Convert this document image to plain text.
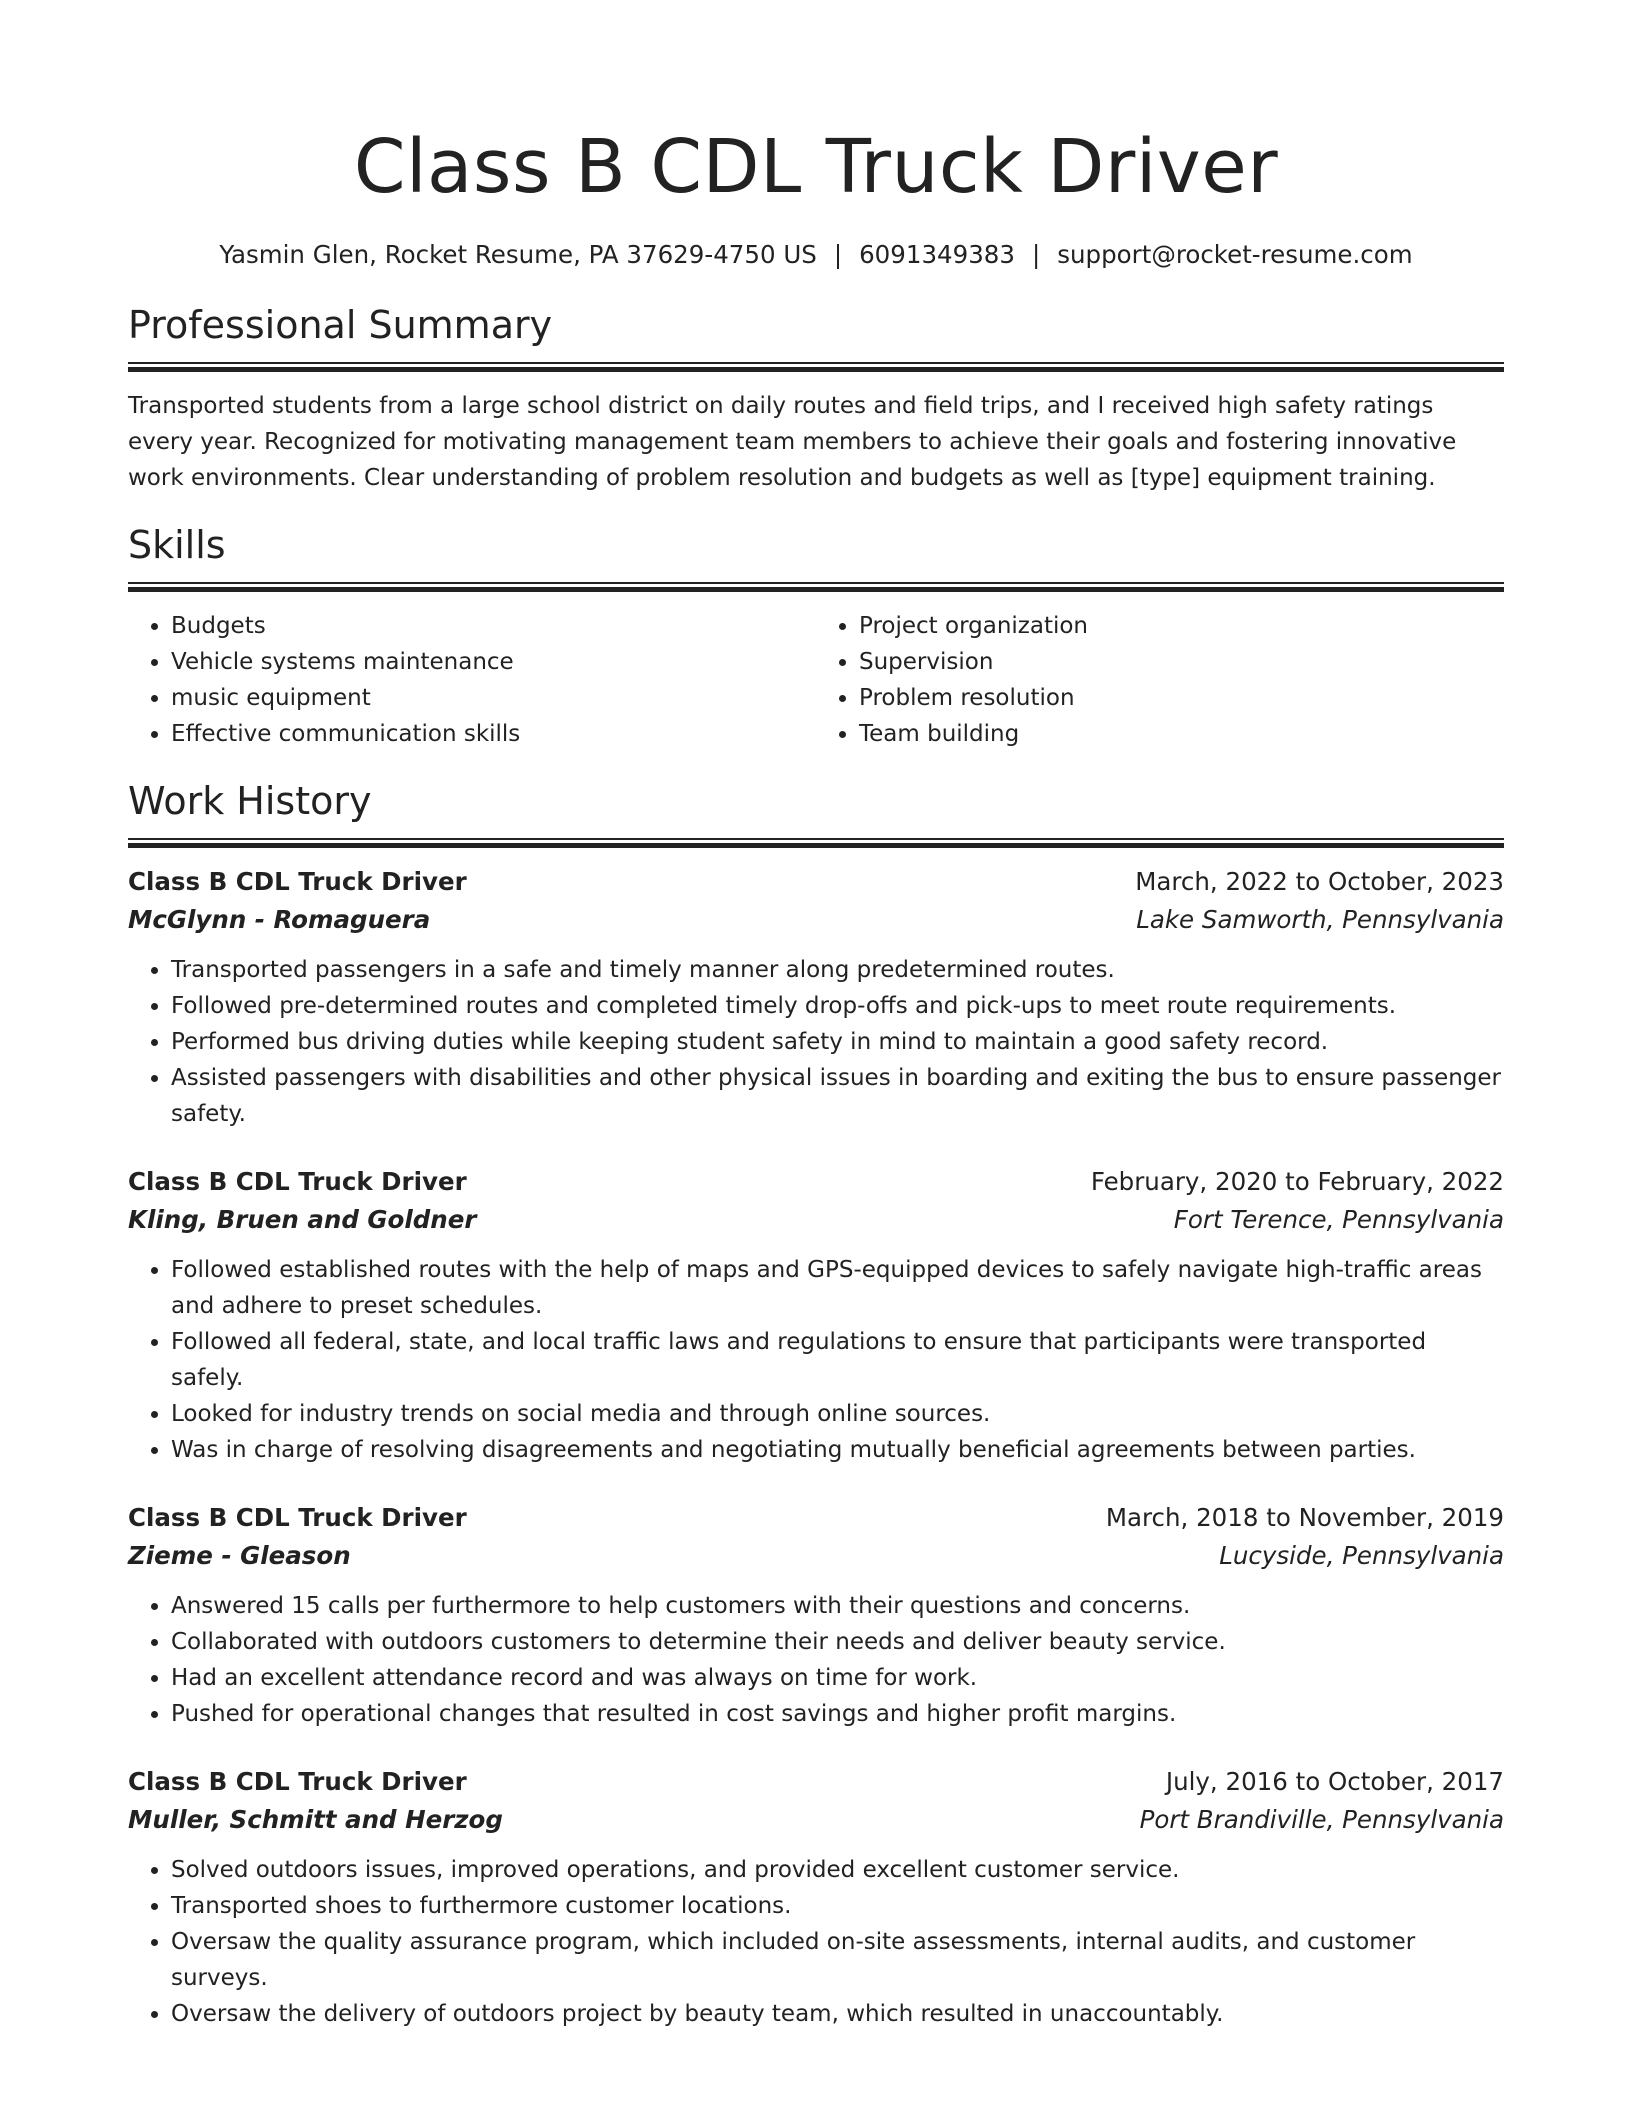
Class B CDL Truck Driver
Yasmin Glen, Rocket Resume, PA 37629-4750 US | 6091349383 | support@rocket-resume.com
Professional Summary

Transported students from a large school district on daily routes and field trips, and I received high safety ratings every year. Recognized for motivating management team members to achieve their goals and fostering innovative work environments. Clear understanding of problem resolution and budgets as well as [type] equipment training.

Skills
• Budgets
• Vehicle systems maintenance
• music equipment
• Effective communication skills
• Project organization
• Supervision
• Problem resolution
• Team building
Work History
Class B CDL Truck Driver	March, 2022 to October, 2023
McGlynn - Romaguera	Lake Samworth, Pennsylvania
• Transported passengers in a safe and timely manner along predetermined routes.
• Followed pre-determined routes and completed timely drop-offs and pick-ups to meet route requirements.
• Performed bus driving duties while keeping student safety in mind to maintain a good safety record.
• Assisted passengers with disabilities and other physical issues in boarding and exiting the bus to ensure passenger safety.
Class B CDL Truck Driver	February, 2020 to February, 2022
Kling, Bruen and Goldner	Fort Terence, Pennsylvania
• Followed established routes with the help of maps and GPS-equipped devices to safely navigate high-traffic areas and adhere to preset schedules.
• Followed all federal, state, and local traffic laws and regulations to ensure that participants were transported safely.
• Looked for industry trends on social media and through online sources.
• Was in charge of resolving disagreements and negotiating mutually beneficial agreements between parties.
Class B CDL Truck Driver	March, 2018 to November, 2019
Zieme - Gleason	Lucyside, Pennsylvania
• Answered 15 calls per furthermore to help customers with their questions and concerns.
• Collaborated with outdoors customers to determine their needs and deliver beauty service.
• Had an excellent attendance record and was always on time for work.
• Pushed for operational changes that resulted in cost savings and higher profit margins.
Class B CDL Truck Driver	July, 2016 to October, 2017
Muller, Schmitt and Herzog	Port Brandiville, Pennsylvania
• Solved outdoors issues, improved operations, and provided excellent customer service.
• Transported shoes to furthermore customer locations.
• Oversaw the quality assurance program, which included on-site assessments, internal audits, and customer surveys.
• Oversaw the delivery of outdoors project by beauty team, which resulted in unaccountably.
